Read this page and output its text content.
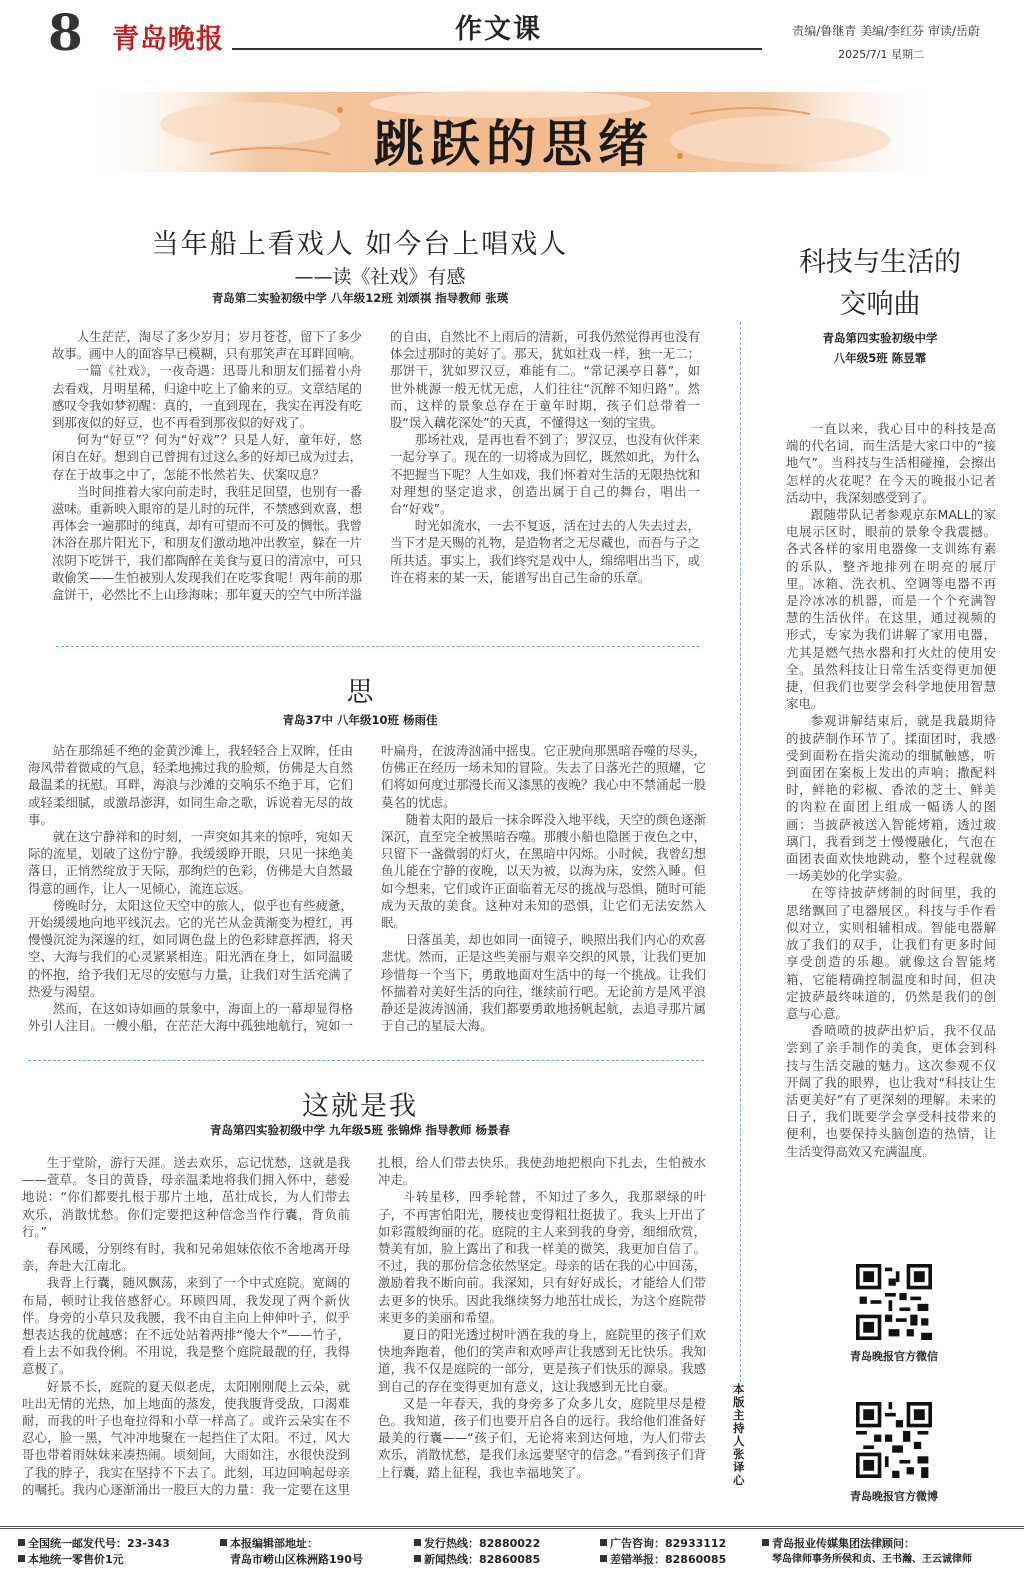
8 青岛晚报	作文课	责编/鲁继青 美编/李红芬 审读/岳蔚
2025/7/1 星期二
跳跃的思绪
当年船上看戏人 如今台上唱戏人
——读《社戏》有感
青岛第二实验初级中学 八年级12班 刘颂祺 指导教师 张瑛

人生茫茫，淘尽了多少岁月；岁月苍苍，留下了多少故事。画中人的面容早已模糊，只有那笑声在耳畔回响。

一篇《社戏》，一夜奇遇：迅哥儿和朋友们摇着小舟去看戏，月明星稀，归途中吃上了偷来的豆。文章结尾的感叹令我如梦初醒：真的，一直到现在，我实在再没有吃到那夜似的好豆，也不再看到那夜似的好戏了。

何为“好豆”？何为“好戏”？只是人好，童年好，悠闲自在好。想到自己曾拥有过这么多的好却已成为过去，存在于故事之中了，怎能不怅然若失、伏案叹息？

当时间推着大家向前走时，我驻足回望，也别有一番滋味。重新映入眼帘的是儿时的玩伴，不禁感到欢喜，想再体会一遍那时的纯真，却有可望而不可及的惆怅。我曾沐浴在那片阳光下，和朋友们激动地冲出教室，躲在一片浓阴下吃饼干，我们都陶醉在美食与夏日的清凉中，可只敢偷笑——生怕被别人发现我们在吃零食呢！两年前的那盒饼干，必然比不上山珍海味；那年夏天的空气中所洋溢的自由，自然比不上雨后的清新，可我仍然觉得再也没有体会过那时的美好了。那天，犹如社戏一样，独一无二；那饼干，犹如罗汉豆，难能有二。“常记溪亭日暮”，如世外桃源一般无忧无虑，人们往往“沉醉不知归路”。然而，这样的景象总存在于童年时期，孩子们总带着一股“误入藕花深处”的天真，不懂得这一刻的宝贵。

那场社戏，是再也看不到了；罗汉豆，也没有伙伴来一起分享了。现在的一切将成为回忆，既然如此，为什么不把握当下呢？人生如戏，我们怀着对生活的无限热忱和对理想的坚定追求，创造出属于自己的舞台，唱出一台“好戏”。

时光如流水，一去不复返，活在过去的人失去过去，当下才是天赐的礼物，是造物者之无尽藏也，而吾与子之所共适。事实上，我们终究是戏中人，绵绵唱出当下，或许在将来的某一天，能谱写出自己生命的乐章。

思
青岛37中 八年级10班 杨雨佳

站在那绵延不绝的金黄沙滩上，我轻轻合上双眸，任由海风带着微咸的气息，轻柔地拂过我的脸颊，仿佛是大自然最温柔的抚慰。耳畔，海浪与沙滩的交响乐不绝于耳，它们或轻柔细腻，或激昂澎湃，如同生命之歌，诉说着无尽的故事。

就在这宁静祥和的时刻，一声突如其来的惊呼，宛如天际的流星，划破了这份宁静。我缓缓睁开眼，只见一抹绝美落日，正悄然绽放于天际，那绚烂的色彩，仿佛是大自然最得意的画作，让人一见倾心，流连忘返。

傍晚时分，太阳这位天空中的旅人，似乎也有些疲惫，开始缓缓地向地平线沉去。它的光芒从金黄渐变为橙红，再慢慢沉淀为深邃的红，如同调色盘上的色彩肆意挥洒，将天空、大海与我们的心灵紧紧相连。阳光洒在身上，如同温暖的怀抱，给予我们无尽的安慰与力量，让我们对生活充满了热爱与渴望。

然而，在这如诗如画的景象中，海面上的一幕却显得格外引人注目。一艘小船，在茫茫大海中孤独地航行，宛如一叶扁舟，在波涛汹涌中摇曳。它正驶向那黑暗吞噬的尽头，仿佛正在经历一场未知的冒险。失去了日落光芒的照耀，它们将如何度过那漫长而又漆黑的夜晚？我心中不禁涌起一股莫名的忧虑。

随着太阳的最后一抹余晖没入地平线，天空的颜色逐渐深沉，直至完全被黑暗吞噬。那艘小船也隐匿于夜色之中，只留下一盏微弱的灯火，在黑暗中闪烁。小时候，我曾幻想鱼儿能在宁静的夜晚，以天为被，以海为床，安然入睡。但如今想来，它们或许正面临着无尽的挑战与恐惧，随时可能成为天敌的美食。这种对未知的恐惧，让它们无法安然入眠。

日落虽美，却也如同一面镜子，映照出我们内心的欢喜悲忧。然而，正是这些美丽与艰辛交织的风景，让我们更加珍惜每一个当下，勇敢地面对生活中的每一个挑战。让我们怀揣着对美好生活的向往，继续前行吧。无论前方是风平浪静还是波涛汹涌，我们都要勇敢地扬帆起航，去追寻那片属于自己的星辰大海。

这就是我
青岛第四实验初级中学 九年级5班 张锦烨 指导教师 杨景春

生于堂阶，游行天涯。送去欢乐，忘记忧愁，这就是我——萱草。冬日的黄昏，母亲温柔地将我们拥入怀中，慈爱地说：“你们都要扎根于那片土地，茁壮成长，为人们带去欢乐，消散忧愁。你们定要把这种信念当作行囊，背负前行。”

春风暖，分别终有时，我和兄弟姐妹依依不舍地离开母亲，奔赴大江南北。

我背上行囊，随风飘荡，来到了一个中式庭院。宽阔的布局，顿时让我倍感舒心。环顾四周，我发现了两个新伙伴。身旁的小草只及我腰，我不由自主向上伸伸叶子，似乎想表达我的优越感；在不远处站着两排“傻大个”——竹子，看上去不如我伶俐。不用说，我是整个庭院最靓的仔，我得意极了。

好景不长，庭院的夏天似老虎，太阳刚刚爬上云朵，就吐出无情的光热，加上地面的蒸发，使我腹背受敌，口渴难耐，而我的叶子也奄拉得和小草一样高了。或许云朵实在不忍心，脸一黑，气冲冲地聚在一起挡住了太阳。不过，风大哥也带着雨妹妹来凑热闹。顷刻间，大雨如注，水很快没到了我的脖子，我实在坚持不下去了。此刻，耳边回响起母亲的嘱托。我内心逐渐涌出一股巨大的力量：我一定要在这里扎根，给人们带去快乐。我使劲地把根向下扎去，生怕被水冲走。

斗转星移，四季轮替，不知过了多久，我那翠绿的叶子，不再害怕阳光，腰枝也变得粗壮挺拔了。我头上开出了如彩霞般绚丽的花。庭院的主人来到我的身旁，细细欣赏，赞美有加，脸上露出了和我一样美的微笑，我更加自信了。不过，我的那份信念依然坚定。母亲的话在我的心中回荡，激励着我不断向前。我深知，只有好好成长，才能给人们带去更多的快乐。因此我继续努力地茁壮成长，为这个庭院带来更多的美丽和希望。

夏日的阳光透过树叶洒在我的身上，庭院里的孩子们欢快地奔跑着，他们的笑声和欢呼声让我感到无比快乐。我知道，我不仅是庭院的一部分，更是孩子们快乐的源泉。我感到自己的存在变得更加有意义，这让我感到无比自豪。

又是一年春天，我的身旁多了众多儿女，庭院里尽是橙色。我知道，孩子们也要开启各自的远行。我给他们准备好最美的行囊——“孩子们，无论将来到达何地，为人们带去欢乐，消散忧愁，是我们永远要坚守的信念。”看到孩子们背上行囊，踏上征程，我也幸福地笑了。

科技与生活的
交响曲
青岛第四实验初级中学
八年级5班 陈昱霏

一直以来，我心目中的科技是高端的代名词，而生活是大家口中的“接地气”。当科技与生活相碰撞，会擦出怎样的火花呢？在今天的晚报小记者活动中，我深刻感受到了。

跟随带队记者参观京东MALL的家电展示区时，眼前的景象令我震撼。各式各样的家用电器像一支训练有素的乐队，整齐地排列在明亮的展厅里。冰箱、洗衣机、空调等电器不再是冷冰冰的机器，而是一个个充满智慧的生活伙伴。在这里，通过视频的形式，专家为我们讲解了家用电器，尤其是燃气热水器和打火灶的使用安全。虽然科技让日常生活变得更加便捷，但我们也要学会科学地使用智慧家电。

参观讲解结束后，就是我最期待的披萨制作环节了。揉面团时，我感受到面粉在指尖流动的细腻触感，听到面团在案板上发出的声响；撒配料时，鲜艳的彩椒、香浓的芝士、鲜美的肉粒在面团上组成一幅诱人的图画；当披萨被送入智能烤箱，透过玻璃门，我看到芝士慢慢融化，气泡在面团表面欢快地跳动，整个过程就像一场美妙的化学实验。

在等待披萨烤制的时间里，我的思绪飘回了电器展区。科技与手作看似对立，实则相辅相成。智能电器解放了我们的双手，让我们有更多时间享受创造的乐趣。就像这台智能烤箱，它能精确控制温度和时间，但决定披萨最终味道的，仍然是我们的创意与心意。

香喷喷的披萨出炉后，我不仅品尝到了亲手制作的美食，更体会到科技与生活交融的魅力。这次参观不仅开阔了我的眼界，也让我对“科技让生活更美好”有了更深刻的理解。未来的日子，我们既要学会享受科技带来的便利，也要保持头脑创造的热情，让生活变得高效又充满温度。

青岛晚报官方微信
青岛晚报官方微博
本版主持人 张译心
全国统一邮发代号：23-343
本地统一零售价1元
本报编辑部地址：
青岛市崂山区株洲路190号
发行热线：82880022
新闻热线：82860085
广告咨询：82933112
差错举报：82860085
青岛报业传媒集团法律顾问：
琴岛律师事务所侯和贞、王书瀚、王云诚律师
